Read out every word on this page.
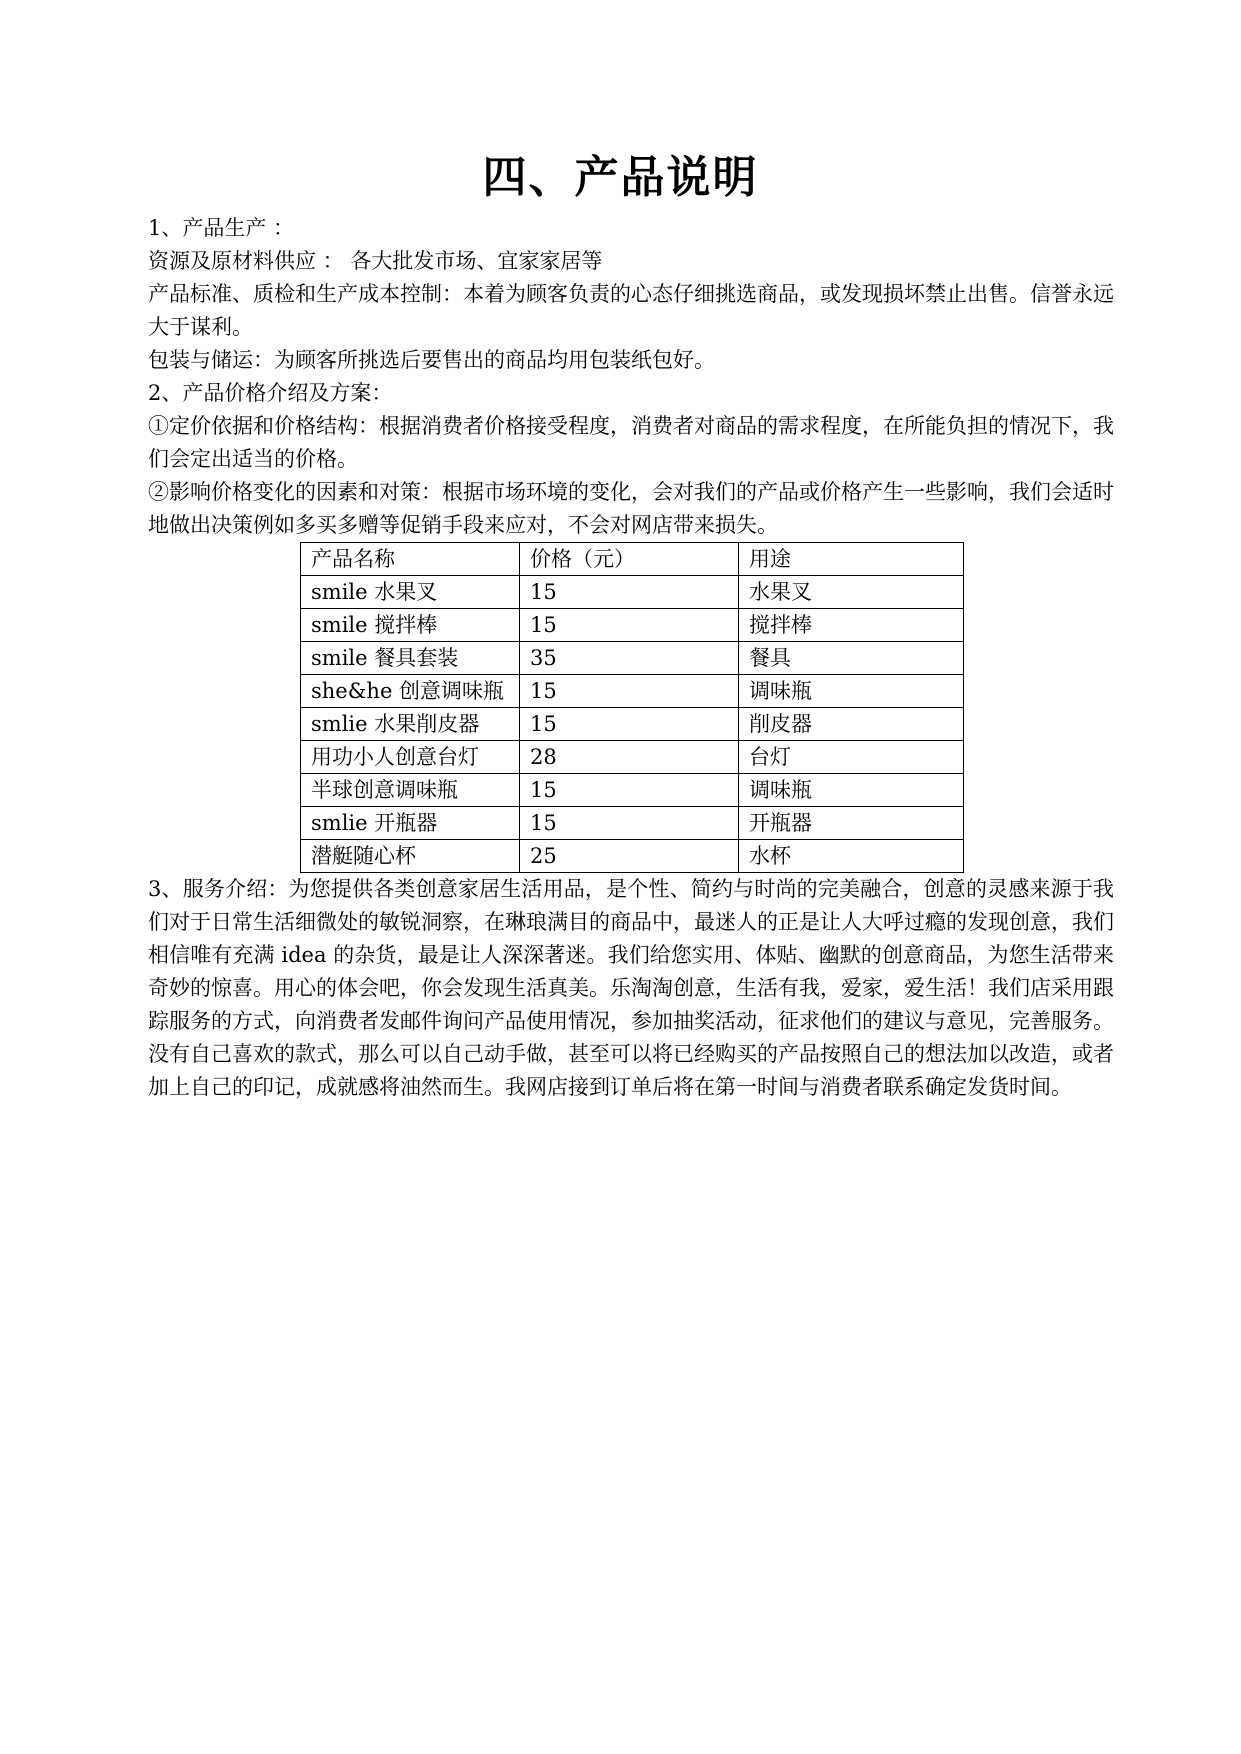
四、产品说明

1、产品生产 ：

资源及原材料供应 ： 各大批发市场、宜家家居等

产品标准、质检和生产成本控制：本着为顾客负责的心态仔细挑选商品，或发现损坏禁止出售。信誉永远大于谋利。

包装与储运：为顾客所挑选后要售出的商品均用包装纸包好。

2、产品价格介绍及方案：

①定价依据和价格结构：根据消费者价格接受程度，消费者对商品的需求程度，在所能负担的情况下，我们会定出适当的价格。

②影响价格变化的因素和对策：根据市场环境的变化，会对我们的产品或价格产生一些影响，我们会适时地做出决策例如多买多赠等促销手段来应对，不会对网店带来损失。

产品名称	价格（元）	用途
smile 水果叉	15	水果叉
smile 搅拌棒	15	搅拌棒
smile 餐具套装	35	餐具
she&he 创意调味瓶	15	调味瓶
smlie 水果削皮器	15	削皮器
用功小人创意台灯	28	台灯
半球创意调味瓶	15	调味瓶
smlie 开瓶器	15	开瓶器
潜艇随心杯	25	水杯

3、服务介绍：为您提供各类创意家居生活用品，是个性、简约与时尚的完美融合，创意的灵感来源于我们对于日常生活细微处的敏锐洞察，在琳琅满目的商品中，最迷人的正是让人大呼过瘾的发现创意，我们相信唯有充满 idea 的杂货，最是让人深深著迷。我们给您实用、体贴、幽默的创意商品，为您生活带来奇妙的惊喜。用心的体会吧，你会发现生活真美。乐淘淘创意，生活有我，爱家，爱生活！我们店采用跟踪服务的方式，向消费者发邮件询问产品使用情况，参加抽奖活动，征求他们的建议与意见，完善服务。没有自己喜欢的款式，那么可以自己动手做，甚至可以将已经购买的产品按照自己的想法加以改造，或者加上自己的印记，成就感将油然而生。我网店接到订单后将在第一时间与消费者联系确定发货时间。
